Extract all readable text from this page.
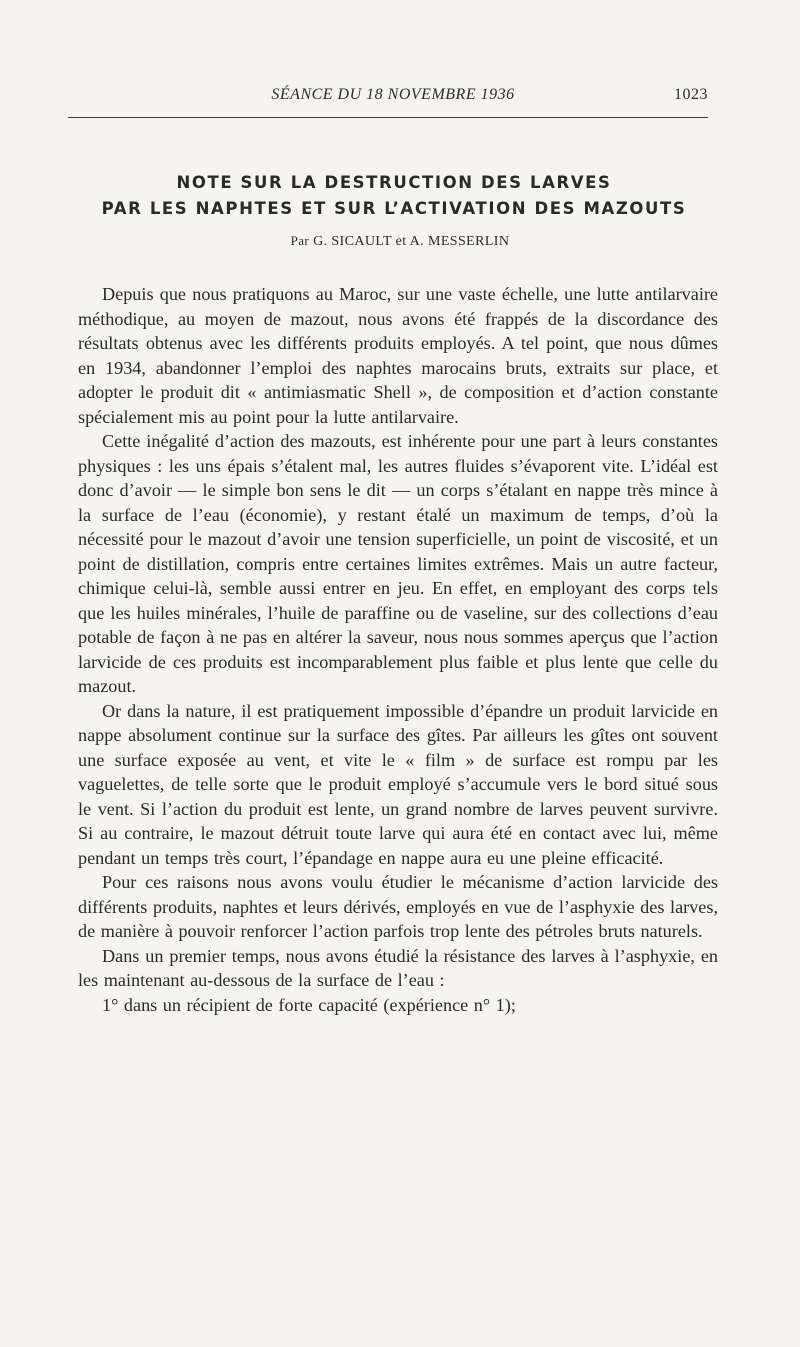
SÉANCE DU 18 NOVEMBRE 1936	1023
NOTE SUR LA DESTRUCTION DES LARVES
PAR LES NAPHTES ET SUR L’ACTIVATION DES MAZOUTS
Par G. SICAULT et A. MESSERLIN

Depuis que nous pratiquons au Maroc, sur une vaste échelle, une lutte antilarvaire méthodique, au moyen de mazout, nous avons été frappés de la discordance des résultats obtenus avec les différents produits employés. A tel point, que nous dûmes en 1934, abandonner l’emploi des naphtes marocains bruts, extraits sur place, et adopter le produit dit « antimiasmatic Shell », de composition et d’action constante spécialement mis au point pour la lutte antilarvaire.

Cette inégalité d’action des mazouts, est inhérente pour une part à leurs constantes physiques : les uns épais s’étalent mal, les autres fluides s’évaporent vite. L’idéal est donc d’avoir — le simple bon sens le dit — un corps s’étalant en nappe très mince à la surface de l’eau (économie), y restant étalé un maximum de temps, d’où la nécessité pour le mazout d’avoir une tension superficielle, un point de viscosité, et un point de distillation, compris entre certaines limites extrêmes. Mais un autre facteur, chimique celui-là, semble aussi entrer en jeu. En effet, en employant des corps tels que les huiles minérales, l’huile de paraffine ou de vaseline, sur des collections d’eau potable de façon à ne pas en altérer la saveur, nous nous sommes aperçus que l’action larvicide de ces produits est incomparablement plus faible et plus lente que celle du mazout.

Or dans la nature, il est pratiquement impossible d’épandre un produit larvicide en nappe absolument continue sur la surface des gîtes. Par ailleurs les gîtes ont souvent une surface exposée au vent, et vite le « film » de surface est rompu par les vaguelettes, de telle sorte que le produit employé s’accumule vers le bord situé sous le vent. Si l’action du produit est lente, un grand nombre de larves peuvent survivre. Si au contraire, le mazout détruit toute larve qui aura été en contact avec lui, même pendant un temps très court, l’épandage en nappe aura eu une pleine efficacité.

Pour ces raisons nous avons voulu étudier le mécanisme d’action larvicide des différents produits, naphtes et leurs dérivés, employés en vue de l’asphyxie des larves, de manière à pouvoir renforcer l’action parfois trop lente des pétroles bruts naturels.

Dans un premier temps, nous avons étudié la résistance des larves à l’asphyxie, en les maintenant au-dessous de la surface de l’eau :

1° dans un récipient de forte capacité (expérience n° 1);
